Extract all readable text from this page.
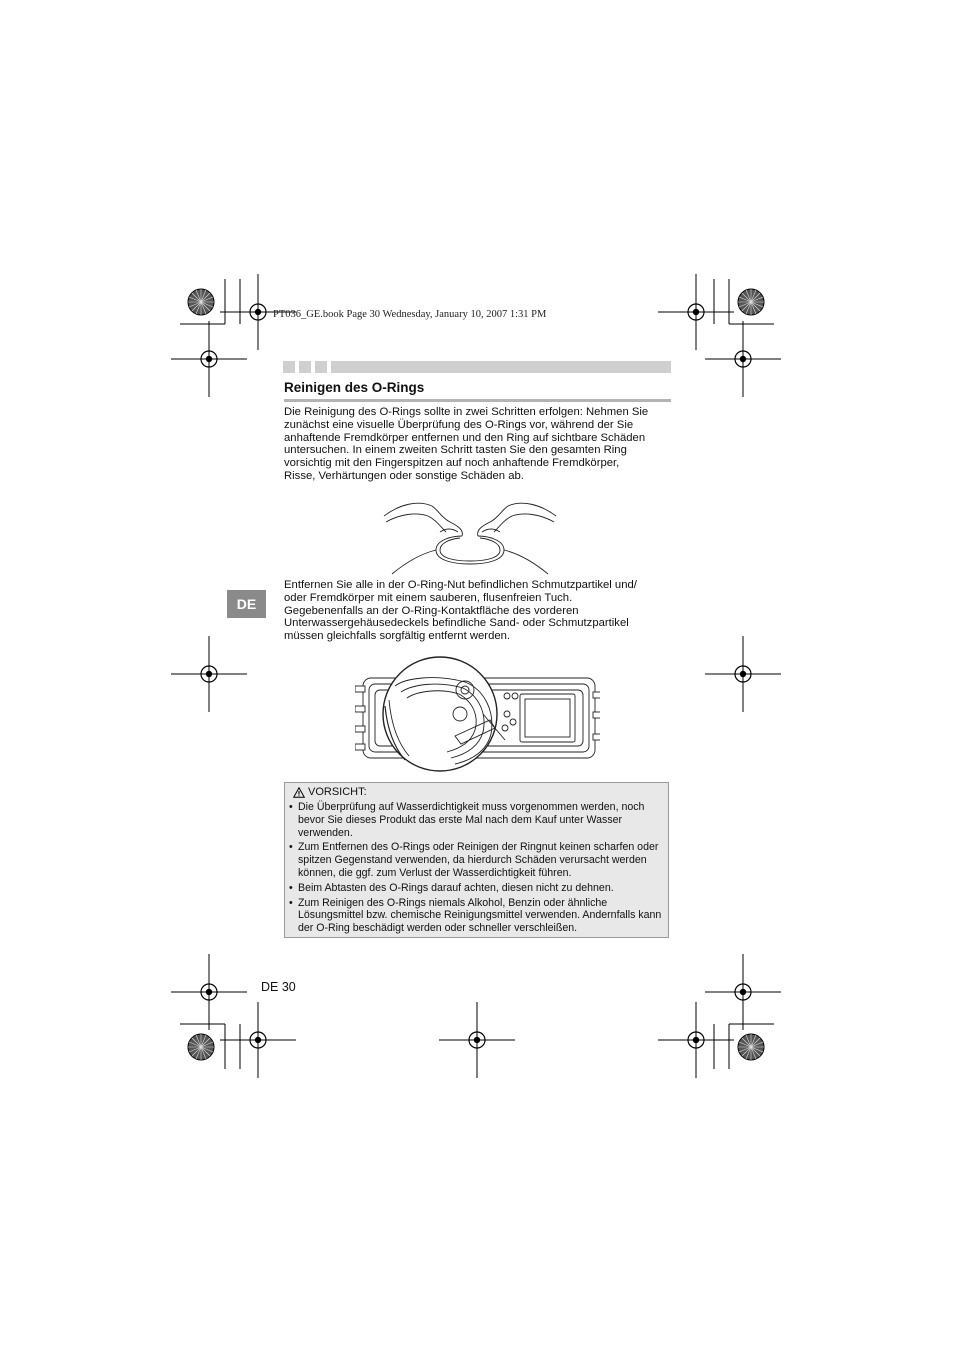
PT036_GE.book Page 30 Wednesday, January 10, 2007 1:31 PM
Reinigen des O-Rings
Die Reinigung des O-Rings sollte in zwei Schritten erfolgen: Nehmen Sie
zunächst eine visuelle Überprüfung des O-Rings vor, während der Sie
anhaftende Fremdkörper entfernen und den Ring auf sichtbare Schäden
untersuchen. In einem zweiten Schritt tasten Sie den gesamten Ring
vorsichtig mit den Fingerspitzen auf noch anhaftende Fremdkörper,
Risse, Verhärtungen oder sonstige Schäden ab.
DE
Entfernen Sie alle in der O-Ring-Nut befindlichen Schmutzpartikel und/
oder Fremdkörper mit einem sauberen, flusenfreien Tuch.
Gegebenenfalls an der O-Ring-Kontaktfläche des vorderen
Unterwassergehäusedeckels befindliche Sand- oder Schmutzpartikel
müssen gleichfalls sorgfältig entfernt werden.
VORSICHT:
• Die Überprüfung auf Wasserdichtigkeit muss vorgenommen werden, noch bevor Sie dieses Produkt das erste Mal nach dem Kauf unter Wasser verwenden.
• Zum Entfernen des O-Rings oder Reinigen der Ringnut keinen scharfen oder spitzen Gegenstand verwenden, da hierdurch Schäden verursacht werden können, die ggf. zum Verlust der Wasserdichtigkeit führen.
• Beim Abtasten des O-Rings darauf achten, diesen nicht zu dehnen.
• Zum Reinigen des O-Rings niemals Alkohol, Benzin oder ähnliche Lösungsmittel bzw. chemische Reinigungsmittel verwenden. Andernfalls kann der O-Ring beschädigt werden oder schneller verschleißen.
DE 30
